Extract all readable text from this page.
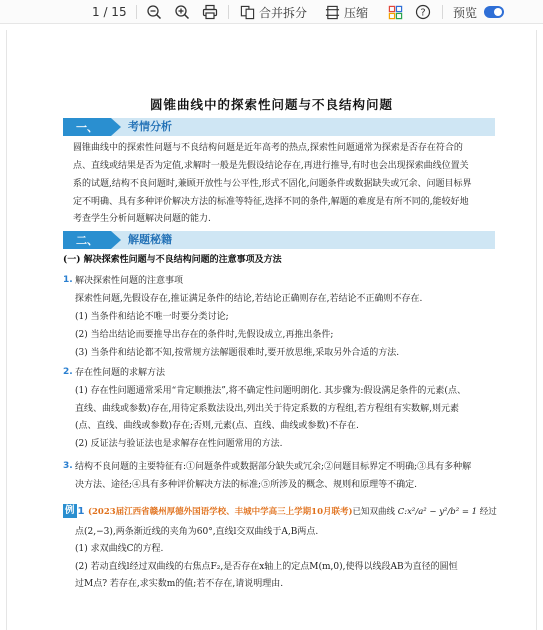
1 / 15	合并拆分	压缩	? 预览
圆锥曲线中的探索性问题与不良结构问题
一、	考情分析
圆锥曲线中的探索性问题与不良结构问题是近年高考的热点,探索性问题通常为探索是否存在符合的
点、直线或结果是否为定值,求解时一般是先假设结论存在,再进行推导,有时也会出现探索曲线位置关
系的试题,结构不良问题时,兼顾开放性与公平性,形式不固化,问题条件或数据缺失或冗余、问题目标界
定不明确、具有多种评价解决方法的标准等特征,选择不同的条件,解题的难度是有所不同的,能较好地
考查学生分析问题解决问题的能力.
二、	解题秘籍
(一) 解决探索性问题与不良结构问题的注意事项及方法
1. 解决探索性问题的注意事项
探索性问题,先假设存在,推证满足条件的结论,若结论正确则存在,若结论不正确则不存在.
(1) 当条件和结论不唯一时要分类讨论;
(2) 当给出结论而要推导出存在的条件时,先假设成立,再推出条件;
(3) 当条件和结论都不知,按常规方法解题很难时,要开放思维,采取另外合适的方法.
2. 存在性问题的求解方法
(1) 存在性问题通常采用“肯定顺推法”,将不确定性问题明朗化. 其步骤为:假设满足条件的元素(点、
直线、曲线或参数)存在,用待定系数法设出,列出关于待定系数的方程组,若方程组有实数解,则元素
(点、直线、曲线或参数)存在;否则,元素(点、直线、曲线或参数)不存在.
(2) 反证法与验证法也是求解存在性问题常用的方法.
3. 结构不良问题的主要特征有:①问题条件或数据部分缺失或冗余;②问题目标界定不明确;③具有多种解
决方法、途径;④具有多种评价解决方法的标准;⑤所涉及的概念、规则和原理等不确定.
例 1 (2023届江西省赣州厚德外国语学校、丰城中学高三上学期10月联考)已知双曲线 C:x²/a² − y²/b² = 1 经过
点(2,−3),两条渐近线的夹角为60°,直线l交双曲线于A,B两点.
(1) 求双曲线C的方程.
(2) 若动直线l经过双曲线的右焦点F₂,是否存在x轴上的定点M(m,0),使得以线段AB为直径的圆恒
过M点? 若存在,求实数m的值;若不存在,请说明理由.
